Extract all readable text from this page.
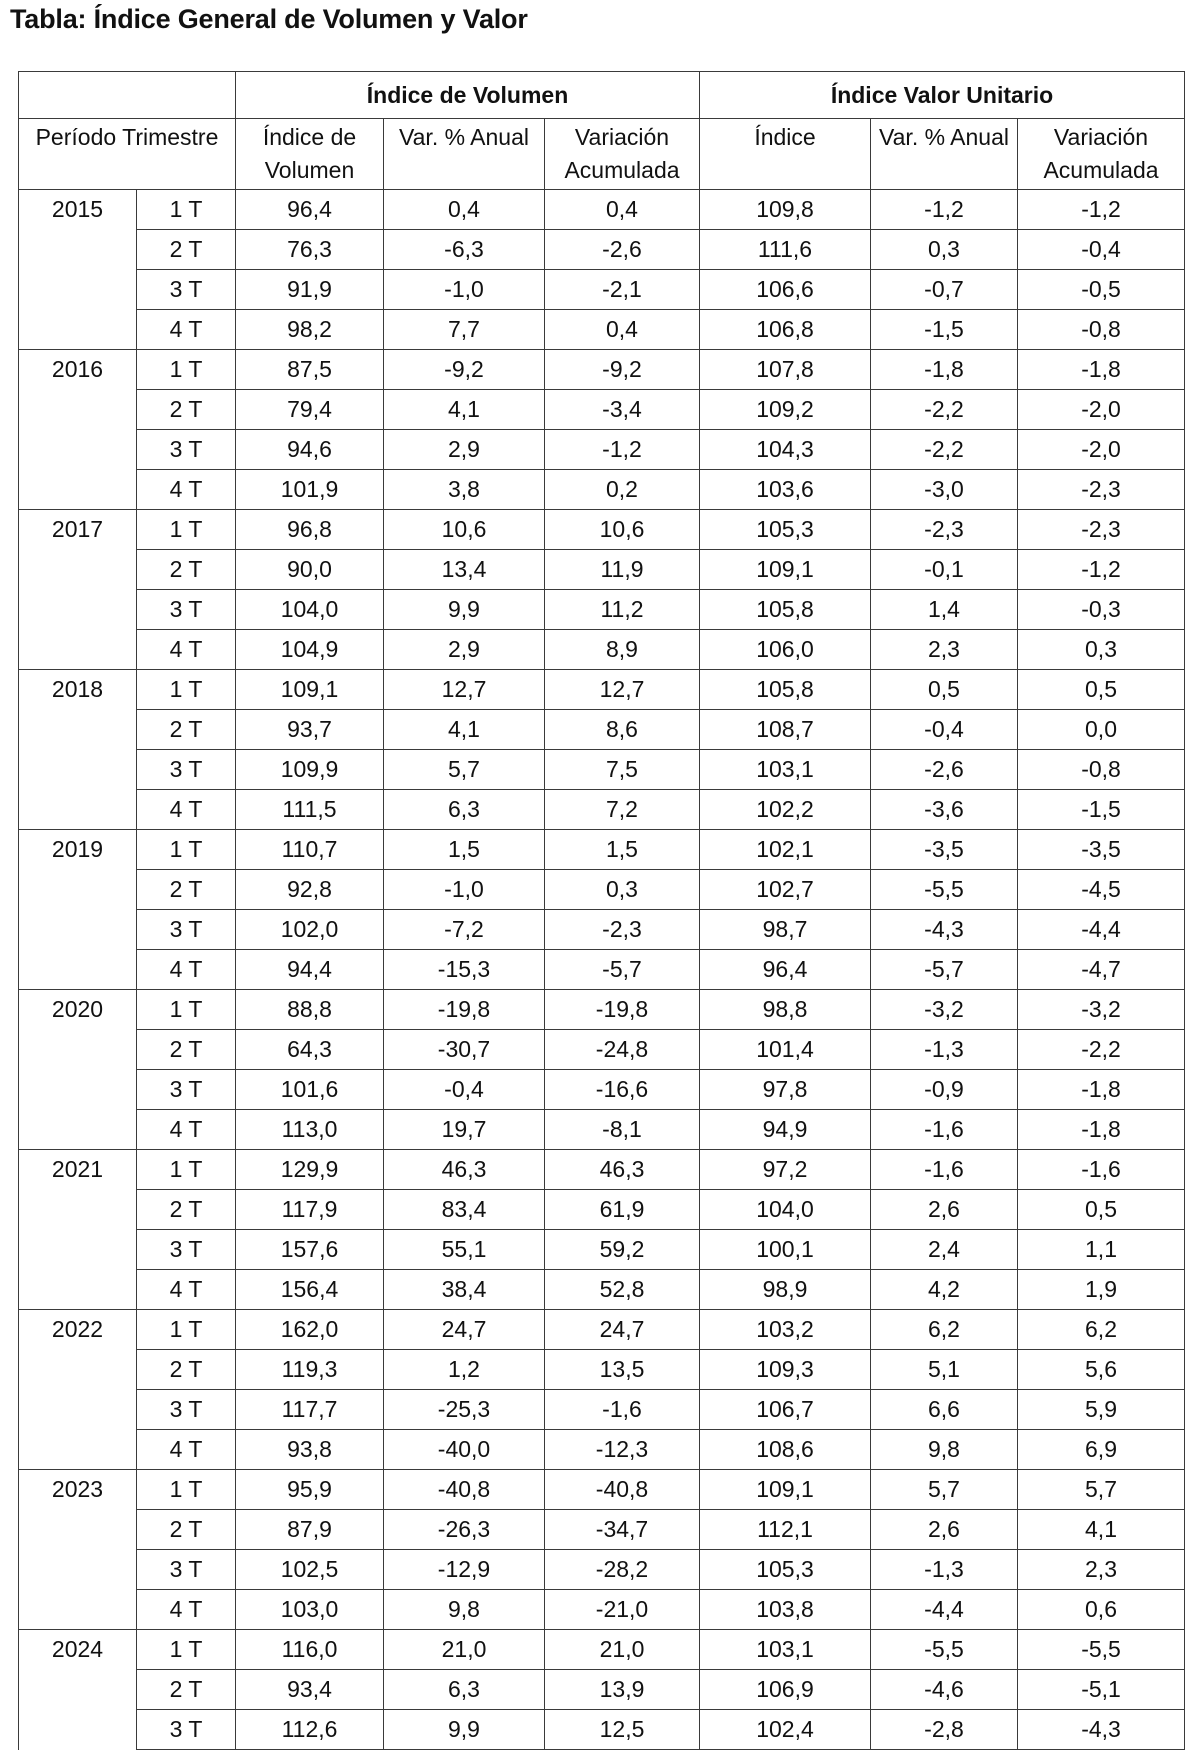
Tabla: Índice General de Volumen y Valor
		Índice de Volumen			Índice Valor Unitario		
Período Trimestre		Índice de Volumen	Var. % Anual	Variación Acumulada	Índice	Var. % Anual	Variación Acumulada
2015	1 T	96,4	0,4	0,4	109,8	-1,2	-1,2
	2 T	76,3	-6,3	-2,6	111,6	0,3	-0,4
	3 T	91,9	-1,0	-2,1	106,6	-0,7	-0,5
	4 T	98,2	7,7	0,4	106,8	-1,5	-0,8
2016	1 T	87,5	-9,2	-9,2	107,8	-1,8	-1,8
	2 T	79,4	4,1	-3,4	109,2	-2,2	-2,0
	3 T	94,6	2,9	-1,2	104,3	-2,2	-2,0
	4 T	101,9	3,8	0,2	103,6	-3,0	-2,3
2017	1 T	96,8	10,6	10,6	105,3	-2,3	-2,3
	2 T	90,0	13,4	11,9	109,1	-0,1	-1,2
	3 T	104,0	9,9	11,2	105,8	1,4	-0,3
	4 T	104,9	2,9	8,9	106,0	2,3	0,3
2018	1 T	109,1	12,7	12,7	105,8	0,5	0,5
	2 T	93,7	4,1	8,6	108,7	-0,4	0,0
	3 T	109,9	5,7	7,5	103,1	-2,6	-0,8
	4 T	111,5	6,3	7,2	102,2	-3,6	-1,5
2019	1 T	110,7	1,5	1,5	102,1	-3,5	-3,5
	2 T	92,8	-1,0	0,3	102,7	-5,5	-4,5
	3 T	102,0	-7,2	-2,3	98,7	-4,3	-4,4
	4 T	94,4	-15,3	-5,7	96,4	-5,7	-4,7
2020	1 T	88,8	-19,8	-19,8	98,8	-3,2	-3,2
	2 T	64,3	-30,7	-24,8	101,4	-1,3	-2,2
	3 T	101,6	-0,4	-16,6	97,8	-0,9	-1,8
	4 T	113,0	19,7	-8,1	94,9	-1,6	-1,8
2021	1 T	129,9	46,3	46,3	97,2	-1,6	-1,6
	2 T	117,9	83,4	61,9	104,0	2,6	0,5
	3 T	157,6	55,1	59,2	100,1	2,4	1,1
	4 T	156,4	38,4	52,8	98,9	4,2	1,9
2022	1 T	162,0	24,7	24,7	103,2	6,2	6,2
	2 T	119,3	1,2	13,5	109,3	5,1	5,6
	3 T	117,7	-25,3	-1,6	106,7	6,6	5,9
	4 T	93,8	-40,0	-12,3	108,6	9,8	6,9
2023	1 T	95,9	-40,8	-40,8	109,1	5,7	5,7
	2 T	87,9	-26,3	-34,7	112,1	2,6	4,1
	3 T	102,5	-12,9	-28,2	105,3	-1,3	2,3
	4 T	103,0	9,8	-21,0	103,8	-4,4	0,6
2024	1 T	116,0	21,0	21,0	103,1	-5,5	-5,5
	2 T	93,4	6,3	13,9	106,9	-4,6	-5,1
	3 T	112,6	9,9	12,5	102,4	-2,8	-4,3
